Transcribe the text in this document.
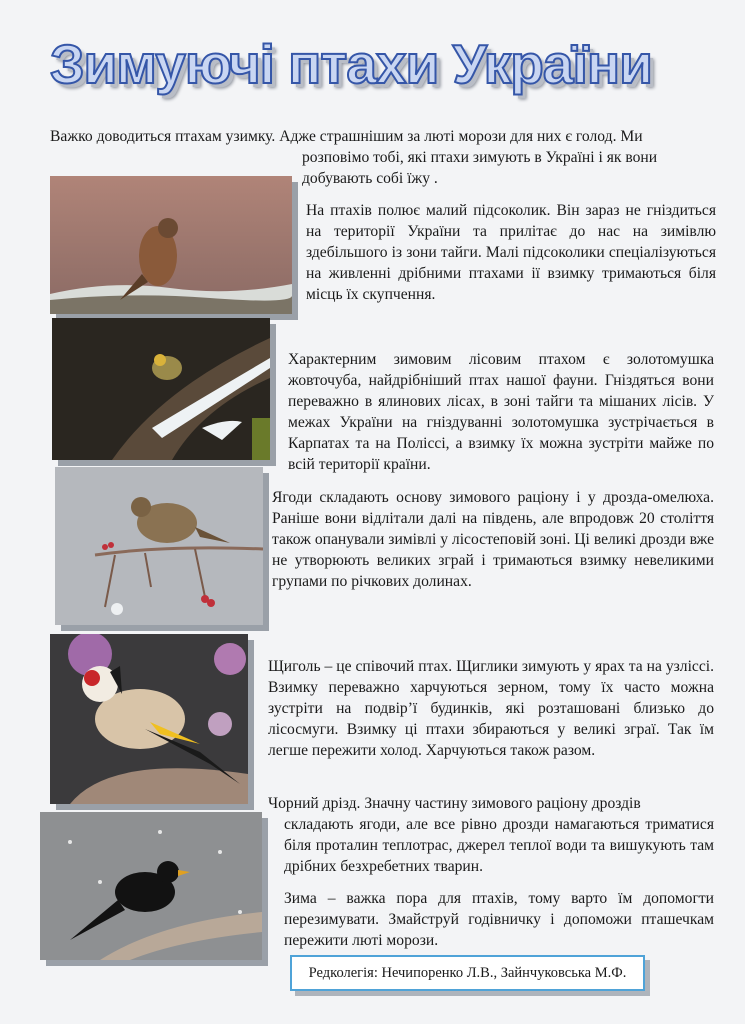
Зимуючі птахи України

Важко доводиться птахам узимку. Адже страшнішим за люті морози для них є голод. Ми

розповімо тобі, які птахи зимують в Україні і як вони

добувають собі їжу .

На птахів полює малий підсоколик. Він зараз не гніздиться на території України та прилітає до нас на зимівлю здебільшого із зони тайги. Малі підсоколики спеціалізуються на живленні дрібними птахами ії взимку тримаються біля місць їх скупчення.

Характерним зимовим лісовим птахом є золотомушка жовточуба, найдрібніший птах нашої фауни. Гніздяться вони переважно в ялинових лісах, в зоні тайги та мішаних лісів. У межах України на гніздуванні золотомушка зустрічається в Карпатах та на Поліссі, а взимку їх можна зустріти майже по всій території країни.

Ягоди складають основу зимового раціону і у дрозда-омелюха. Раніше вони відлітали далі на південь, але впродовж 20 століття також опанували зимівлі у лісостеповій зоні. Ці великі дрозди вже не утворюють великих зграй і тримаються взимку невеликими групами по річкових долинах.

Щиголь – це співочий птах. Щиглики зимують у ярах та на узліссі. Взимку переважно харчуються зерном, тому їх часто можна зустріти на подвір’ї будинків, які розташовані близько до лісосмуги. Взимку ці птахи збираються у великі зграї. Так їм легше пережити холод. Харчуються також разом.

Чорний дрізд. Значну частину зимового раціону дроздів

складають ягоди, але все рівно дрозди намагаються триматися біля проталин теплотрас, джерел теплої води та вишукують там дрібних безхребетних тварин.

Зима – важка пора для птахів, тому варто їм допомогти перезимувати. Змайструй годівничку і допоможи пташечкам пережити люті морози.

Редколегія: Нечипоренко Л.В., Зайнчуковська М.Ф.
